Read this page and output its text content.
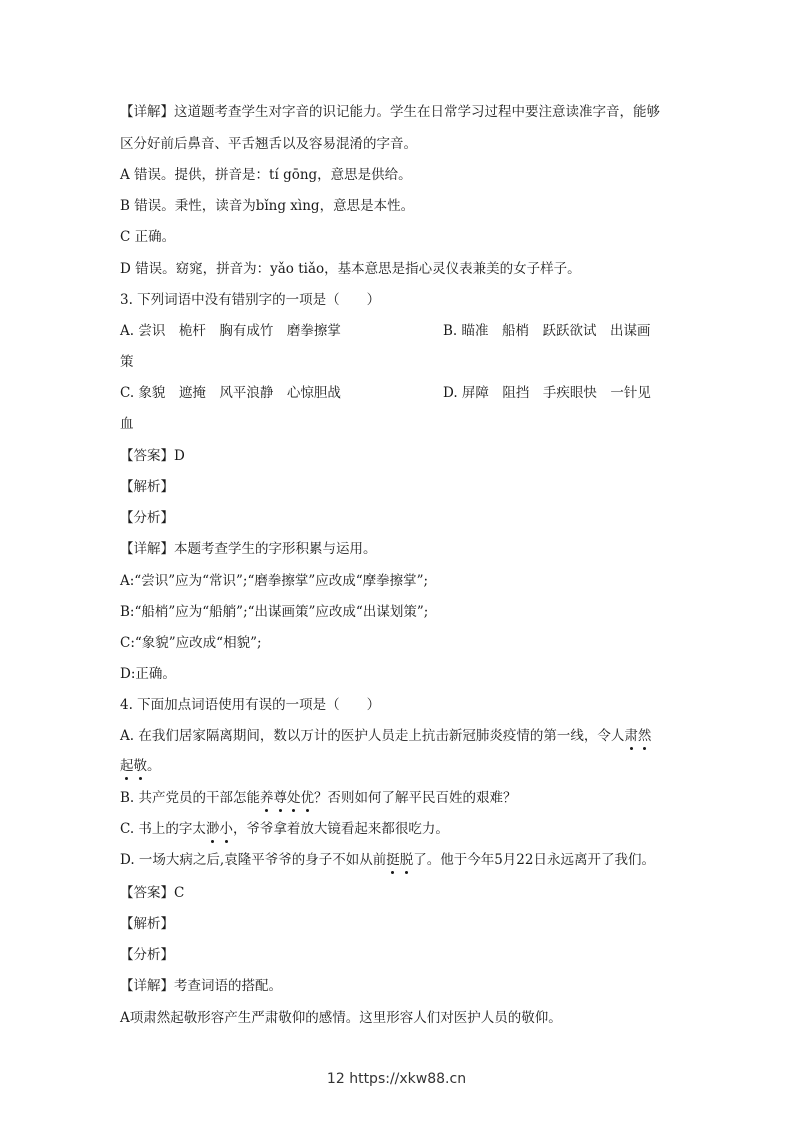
【详解】这道题考查学生对字音的识记能力。学生在日常学习过程中要注意读准字音，能够
区分好前后鼻音、平舌翘舌以及容易混淆的字音。
A 错误。提供，拼音是：tí gōng，意思是供给。
B 错误。秉性，读音为bǐng xìng，意思是本性。
C 正确。
D 错误。窈窕，拼音为：yǎo tiǎo，基本意思是指心灵仪表兼美的女子样子。
3. 下列词语中没有错别字的一项是（　　）
A. 尝识　桅杆　胸有成竹　磨拳擦掌	B. 瞄准　船梢　跃跃欲试　出谋画
策
C. 象貌　遮掩　风平浪静　心惊胆战	D. 屏障　阻挡　手疾眼快　一针见
血
【答案】D
【解析】
【分析】
【详解】本题考查学生的字形积累与运用。
A:“尝识”应为“常识”;“磨拳擦掌”应改成“摩拳擦掌”;
B:“船梢”应为“船艄”;“出谋画策”应改成“出谋划策”;
C:“象貌”应改成“相貌”;
D:正确。
4. 下面加点词语使用有误的一项是（　　）
A. 在我们居家隔离期间，数以万计的医护人员走上抗击新冠肺炎疫情的第一线，令人肃然
起敬。
B. 共产党员的干部怎能养尊处优？否则如何了解平民百姓的艰难？
C. 书上的字太渺小，爷爷拿着放大镜看起来都很吃力。
D. 一场大病之后,袁隆平爷爷的身子不如从前挺脱了。他于今年5月22日永远离开了我们。
【答案】C
【解析】
【分析】
【详解】考查词语的搭配。
A项肃然起敬形容产生严肃敬仰的感情。这里形容人们对医护人员的敬仰。
12 https://xkw88.cn
